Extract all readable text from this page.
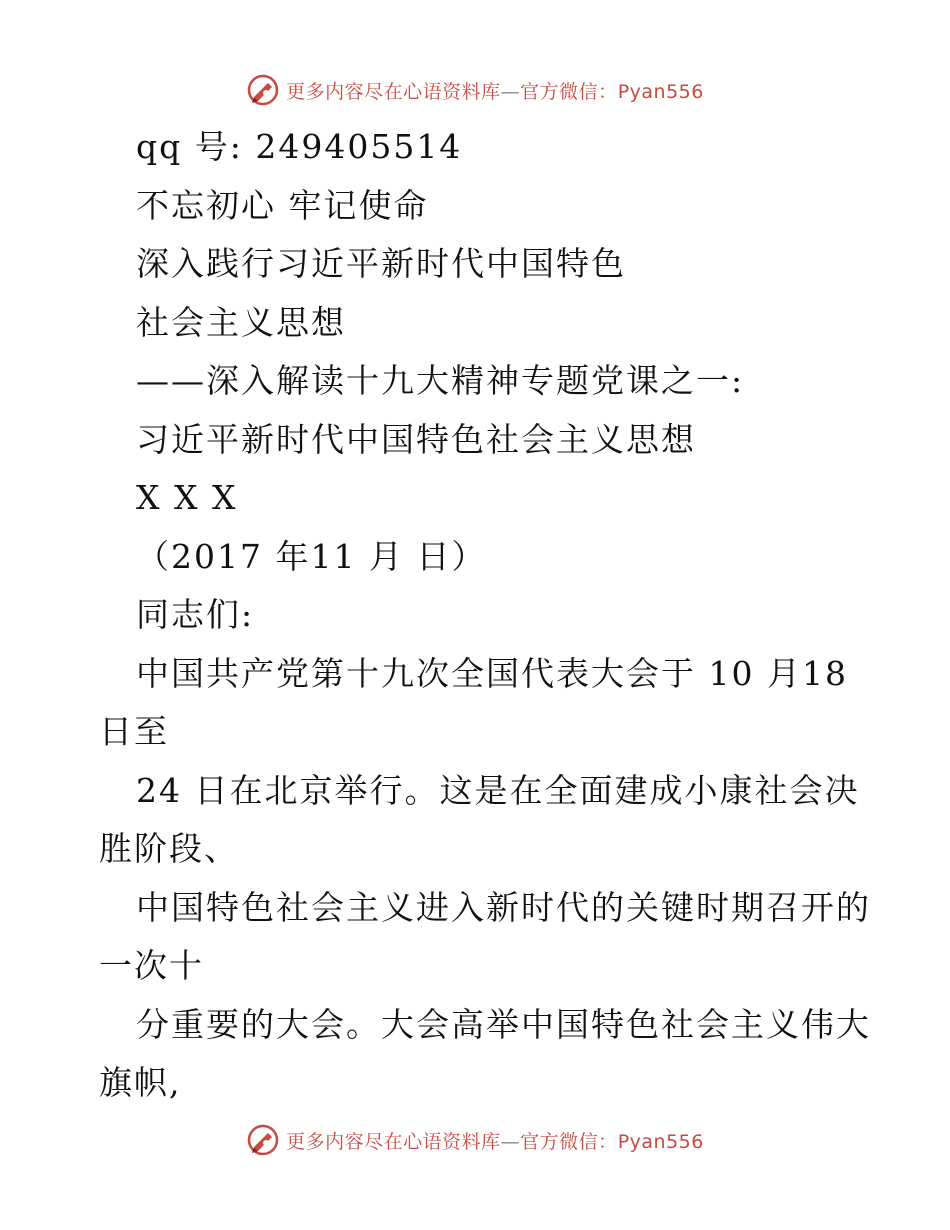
更多内容尽在心语资料库—官方微信：Pyan556
qq 号: 249405514
不忘初心 牢记使命
深入践行习近平新时代中国特色
社会主义思想
——深入解读十九大精神专题党课之一:
习近平新时代中国特色社会主义思想
X X X
（2017 年11 月 日）
同志们:
中国共产党第十九次全国代表大会于 10 月18
日至
24 日在北京举行。这是在全面建成小康社会决
胜阶段、
中国特色社会主义进入新时代的关键时期召开的
一次十
分重要的大会。大会高举中国特色社会主义伟大
旗帜,
更多内容尽在心语资料库—官方微信：Pyan556
